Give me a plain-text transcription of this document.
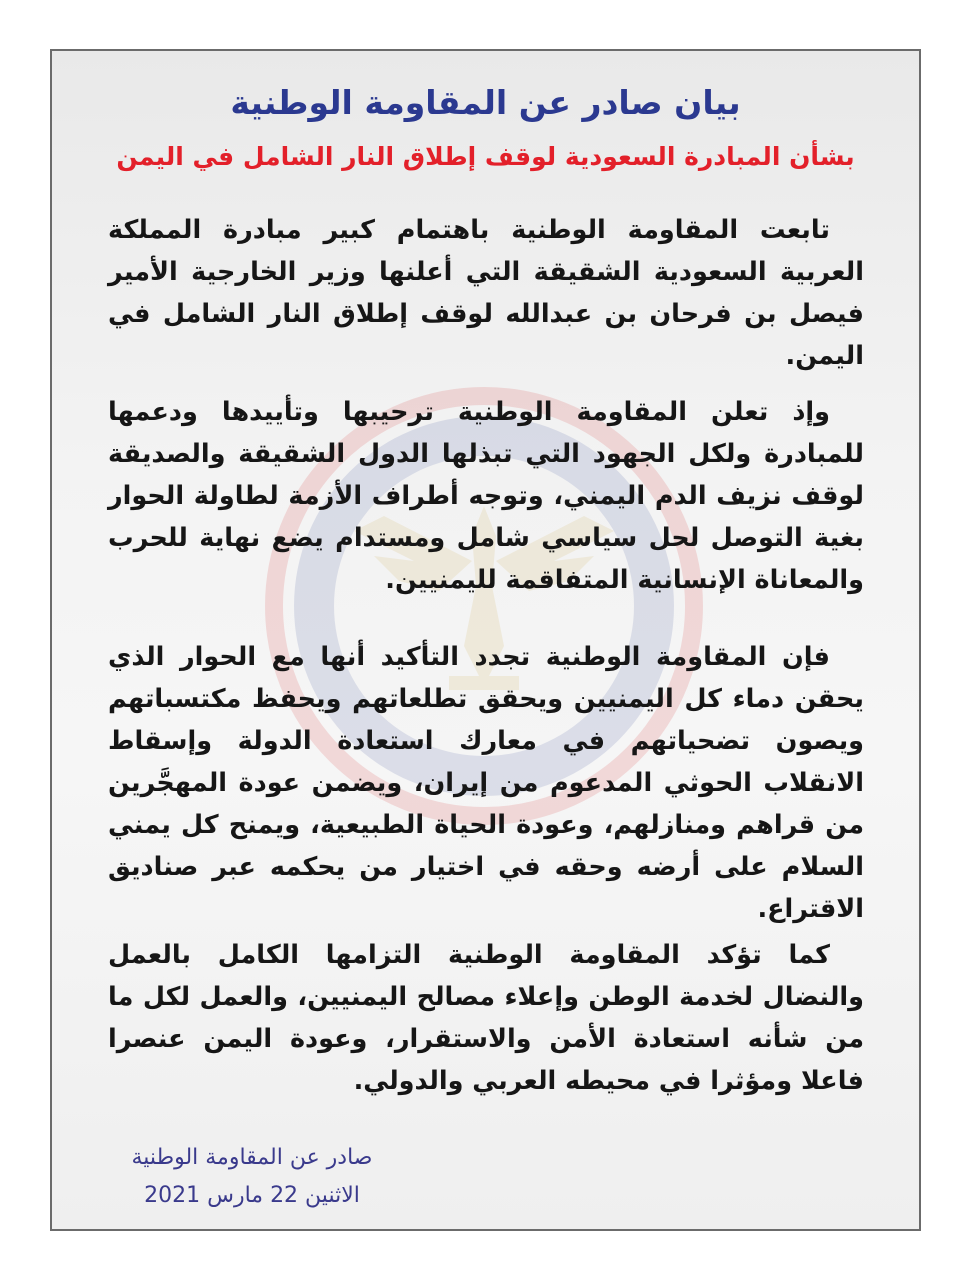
بيان صادر عن المقاومة الوطنية
بشأن المبادرة السعودية لوقف إطلاق النار الشامل في اليمن

تابعت المقاومة الوطنية باهتمام كبير مبادرة المملكة العربية السعودية الشقيقة التي أعلنها وزير الخارجية الأمير فيصل بن فرحان بن عبدالله لوقف إطلاق النار الشامل في اليمن.

وإذ تعلن المقاومة الوطنية ترحيبها وتأييدها ودعمها للمبادرة ولكل الجهود التي تبذلها الدول الشقيقة والصديقة لوقف نزيف الدم اليمني، وتوجه أطراف الأزمة لطاولة الحوار بغية التوصل لحل سياسي شامل ومستدام يضع نهاية للحرب والمعاناة الإنسانية المتفاقمة لليمنيين.

فإن المقاومة الوطنية تجدد التأكيد أنها مع الحوار الذي يحقن دماء كل اليمنيين ويحقق تطلعاتهم ويحفظ مكتسباتهم ويصون تضحياتهم في معارك استعادة الدولة وإسقاط الانقلاب الحوثي المدعوم من إيران، ويضمن عودة المهجَّرين من قراهم ومنازلهم، وعودة الحياة الطبيعية، ويمنح كل يمني السلام على أرضه وحقه في اختيار من يحكمه عبر صناديق الاقتراع.

كما تؤكد المقاومة الوطنية التزامها الكامل بالعمل والنضال لخدمة الوطن وإعلاء مصالح اليمنيين، والعمل لكل ما من شأنه استعادة الأمن والاستقرار، وعودة اليمن عنصرا فاعلا ومؤثرا في محيطه العربي والدولي.

صادر عن المقاومة الوطنية
الاثنين 22 مارس 2021
